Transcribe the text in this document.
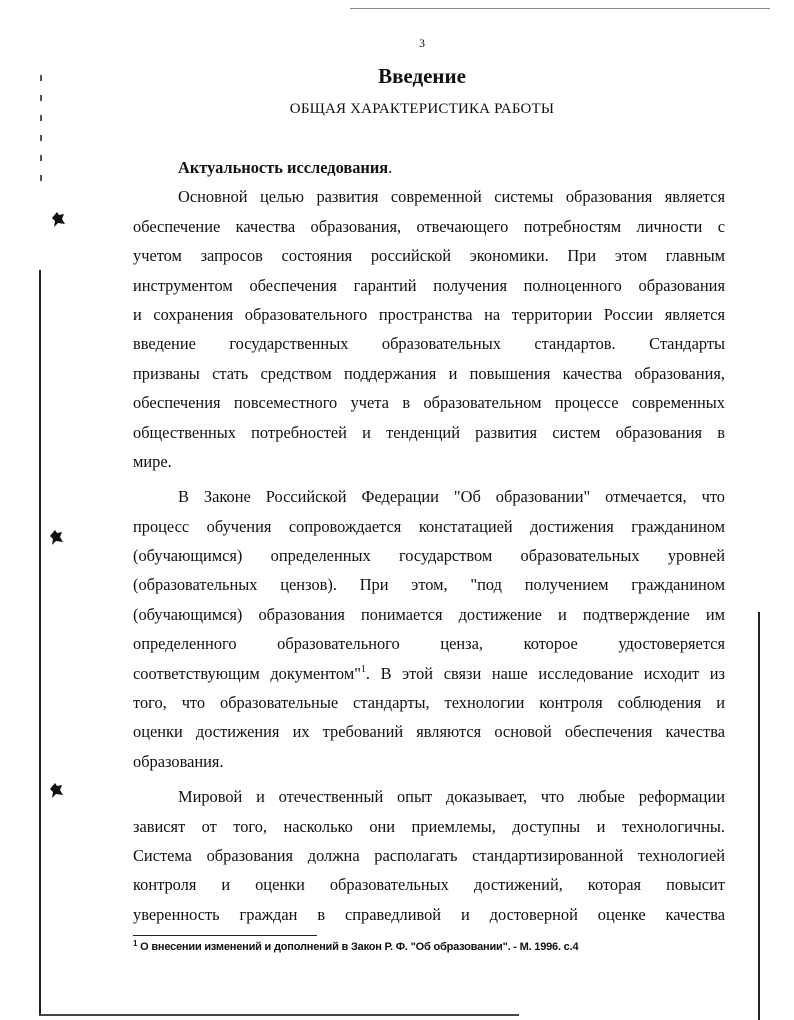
3
Введение
ОБЩАЯ ХАРАКТЕРИСТИКА РАБОТЫ
Актуальность исследования.
Основной целью развития современной системы образования является
обеспечение качества образования, отвечающего потребностям личности с
учетом запросов состояния российской экономики. При этом главным
инструментом обеспечения гарантий получения полноценного образования
и сохранения образовательного пространства на территории России является
введение государственных образовательных стандартов. Стандарты
призваны стать средством поддержания и повышения качества образования,
обеспечения повсеместного учета в образовательном процессе современных
общественных потребностей и тенденций развития систем образования в
мире.
В Законе Российской Федерации "Об образовании" отмечается, что
процесс обучения сопровождается констатацией достижения гражданином
(обучающимся) определенных государством образовательных уровней
(образовательных цензов). При этом, "под получением гражданином
(обучающимся) образования понимается достижение и подтверждение им
определенного образовательного ценза, которое удостоверяется
соответствующим документом"$^1$. В этой связи наше исследование исходит из
того, что образовательные стандарты, технологии контроля соблюдения и
оценки достижения их требований являются основой обеспечения качества
образования.
Мировой и отечественный опыт доказывает, что любые реформации
зависят от того, насколько они приемлемы, доступны и технологичны.
Система образования должна располагать стандартизированной технологией
контроля и оценки образовательных достижений, которая повысит
уверенность граждан в справедливой и достоверной оценке качества
$^1$ О внесении изменений и дополнений в Закон Р. Ф. "Об образовании". - М. 1996. с.4
